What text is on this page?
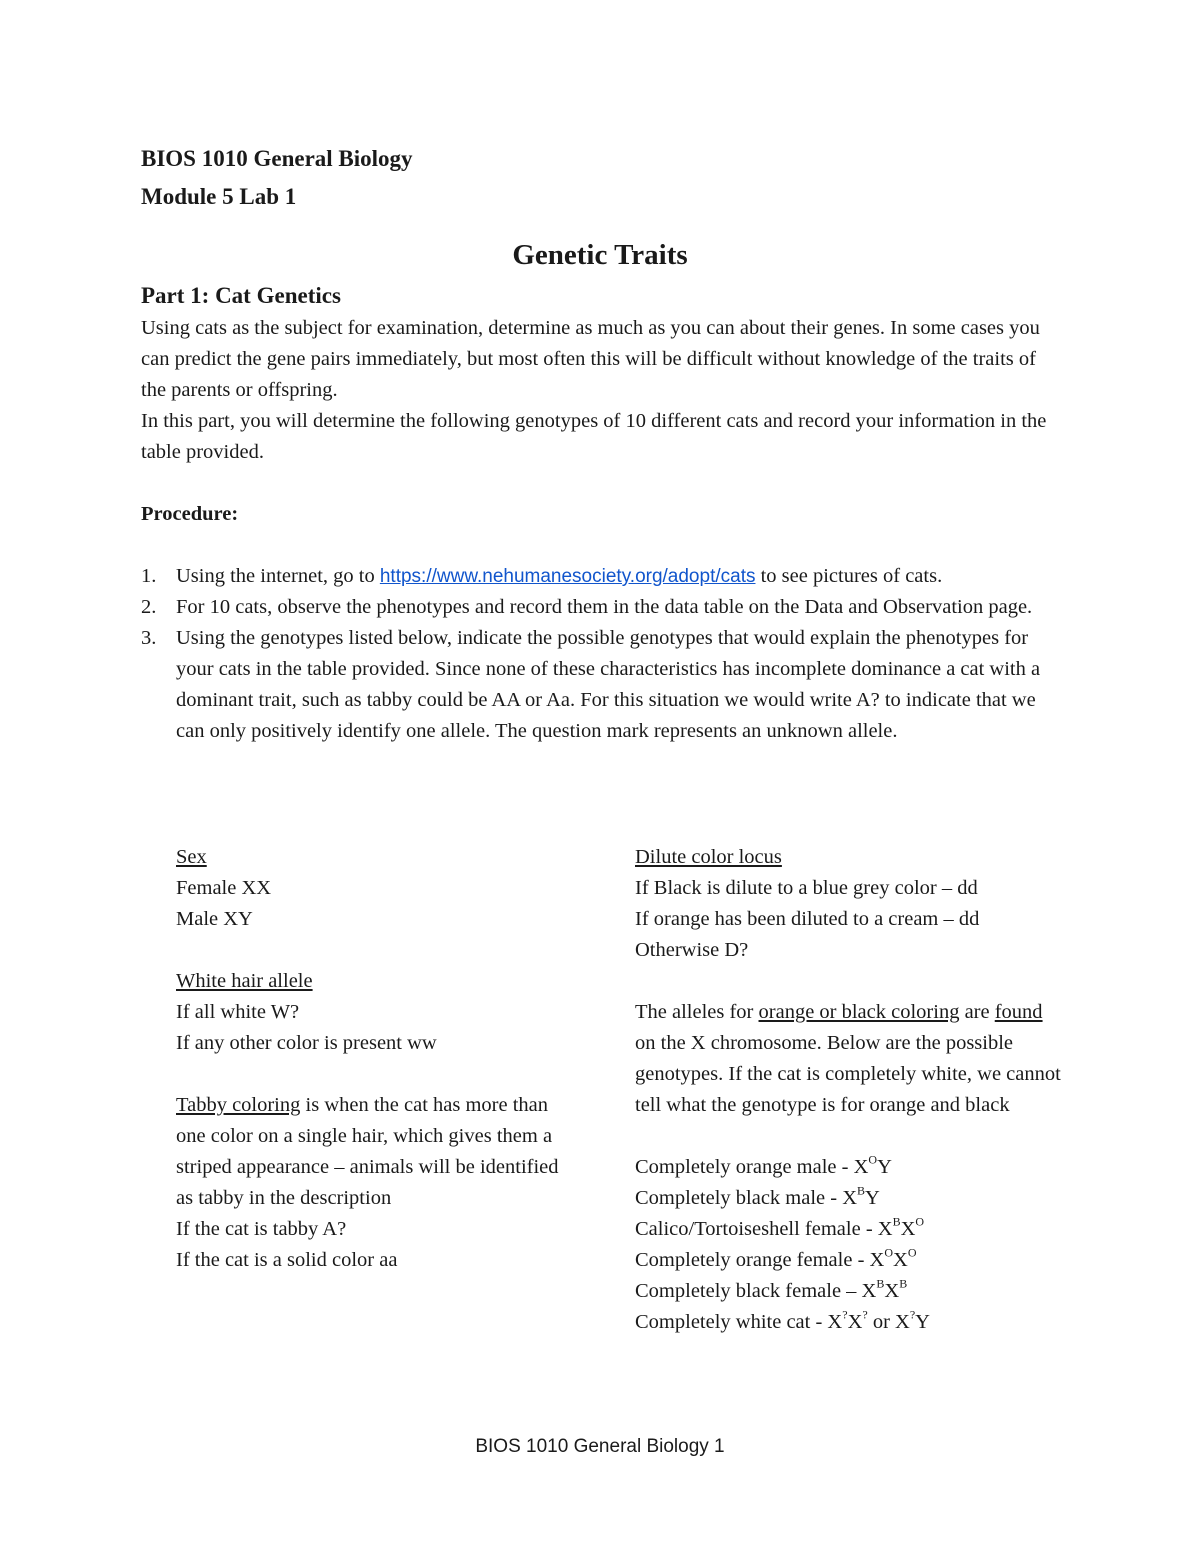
BIOS 1010 General Biology
Module 5 Lab 1
Genetic Traits
Part 1: Cat Genetics

Using cats as the subject for examination, determine as much as you can about their genes. In some cases you can predict the gene pairs immediately, but most often this will be difficult without knowledge of the traits of the parents or offspring.

In this part, you will determine the following genotypes of 10 different cats and record your information in the table provided.

Procedure:
1. Using the internet, go to https://www.nehumanesociety.org/adopt/cats to see pictures of cats.
2. For 10 cats, observe the phenotypes and record them in the data table on the Data and Observation page.
3. Using the genotypes listed below, indicate the possible genotypes that would explain the phenotypes for your cats in the table provided. Since none of these characteristics has incomplete dominance a cat with a dominant trait, such as tabby could be AA or Aa. For this situation we would write A? to indicate that we can only positively identify one allele. The question mark represents an unknown allele.
Sex
Female XX
Male XY
White hair allele
If all white W?
If any other color is present ww
Tabby coloring is when the cat has more than one color on a single hair, which gives them a striped appearance – animals will be identified as tabby in the description
If the cat is tabby A?
If the cat is a solid color aa
Dilute color locus
If Black is dilute to a blue grey color – dd
If orange has been diluted to a cream – dd
Otherwise D?
The alleles for orange or black coloring are found on the X chromosome. Below are the possible genotypes. If the cat is completely white, we cannot tell what the genotype is for orange and black
Completely orange male - $X^OY$
Completely black male - $X^BY$
Calico/Tortoiseshell female - $X^BX^O$
Completely orange female - $X^OX^O$
Completely black female – $X^BX^B$
Completely white cat - X?X? or X?Y
BIOS 1010 General Biology 1
